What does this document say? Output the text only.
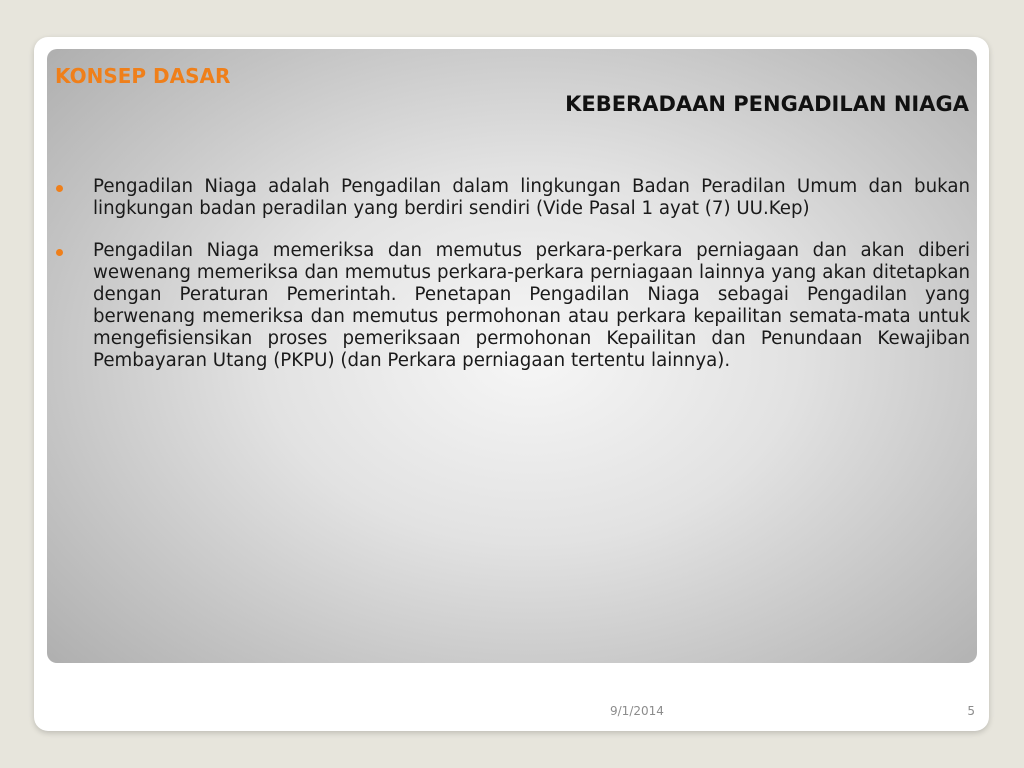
KONSEP DASAR
KEBERADAAN PENGADILAN NIAGA
Pengadilan Niaga adalah Pengadilan dalam lingkungan Badan Peradilan Umum dan bukan lingkungan badan peradilan yang berdiri sendiri (Vide Pasal 1 ayat (7) UU.Kep)
Pengadilan Niaga memeriksa dan memutus perkara-perkara perniagaan dan akan diberi wewenang memeriksa dan memutus perkara-perkara perniagaan lainnya yang akan ditetapkan dengan Peraturan Pemerintah. Penetapan Pengadilan Niaga sebagai Pengadilan yang berwenang memeriksa dan memutus permohonan atau perkara kepailitan semata-mata untuk mengefisiensikan proses pemeriksaan permohonan Kepailitan dan Penundaan Kewajiban Pembayaran Utang (PKPU) (dan Perkara perniagaan tertentu lainnya).
9/1/2014	5
